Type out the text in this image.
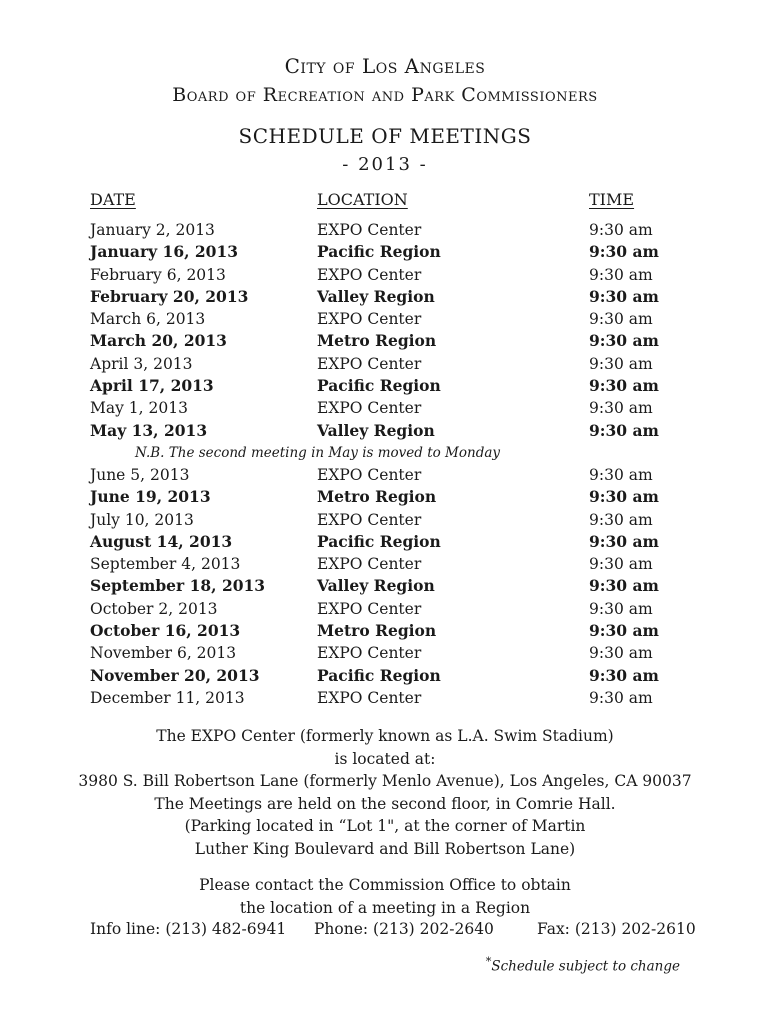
City of Los Angeles
Board of Recreation and Park Commissioners
SCHEDULE OF MEETINGS
- 2013 -
DATE	LOCATION	TIME
January 2, 2013	EXPO Center	9:30 am
January 16, 2013	Pacific Region	9:30 am
February 6, 2013	EXPO Center	9:30 am
February 20, 2013	Valley Region	9:30 am
March 6, 2013	EXPO Center	9:30 am
March 20, 2013	Metro Region	9:30 am
April 3, 2013	EXPO Center	9:30 am
April 17, 2013	Pacific Region	9:30 am
May 1, 2013	EXPO Center	9:30 am
May 13, 2013	Valley Region	9:30 am
N.B. The second meeting in May is moved to Monday
June 5, 2013	EXPO Center	9:30 am
June 19, 2013	Metro Region	9:30 am
July 10, 2013	EXPO Center	9:30 am
August 14, 2013	Pacific Region	9:30 am
September 4, 2013	EXPO Center	9:30 am
September 18, 2013	Valley Region	9:30 am
October 2, 2013	EXPO Center	9:30 am
October 16, 2013	Metro Region	9:30 am
November 6, 2013	EXPO Center	9:30 am
November 20, 2013	Pacific Region	9:30 am
December 11, 2013	EXPO Center	9:30 am
The EXPO Center (formerly known as L.A. Swim Stadium)
is located at:
3980 S. Bill Robertson Lane (formerly Menlo Avenue), Los Angeles, CA 90037
The Meetings are held on the second floor, in Comrie Hall.
(Parking located in “Lot 1", at the corner of Martin
Luther King Boulevard and Bill Robertson Lane)
Please contact the Commission Office to obtain
the location of a meeting in a Region
Info line: (213) 482-6941 Phone: (213) 202-2640	Fax: (213) 202-2610
*Schedule subject to change
